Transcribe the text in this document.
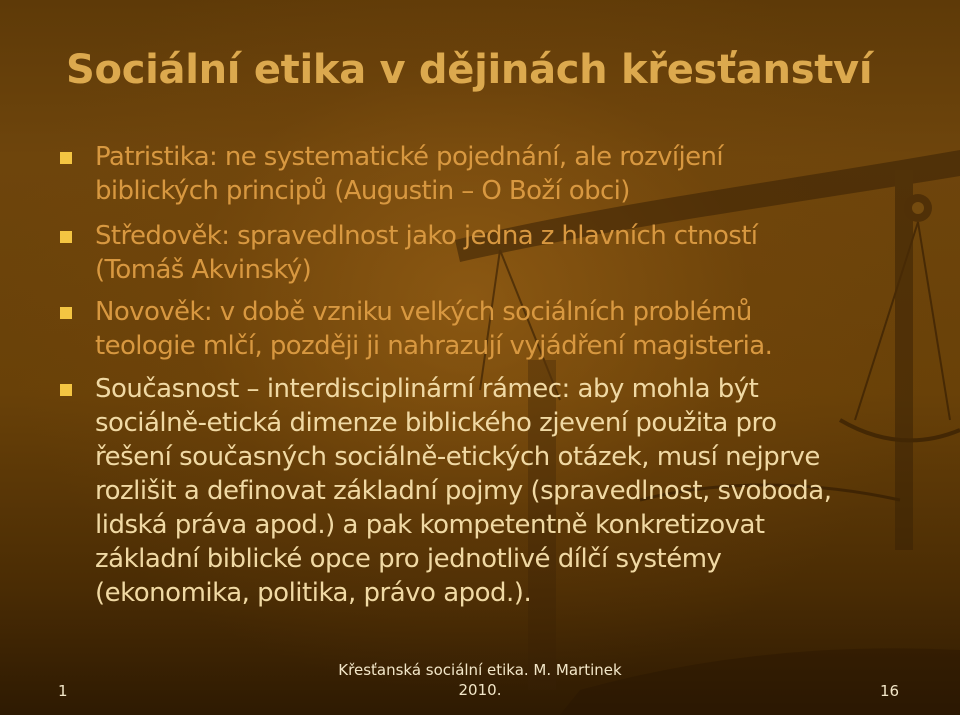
Sociální etika v dějinách křesťanství
Patristika: ne systematické pojednání, ale rozvíjení
biblických principů (Augustin – O Boží obci)
Středověk: spravedlnost jako jedna z hlavních ctností
(Tomáš Akvinský)
Novověk: v době vzniku velkých sociálních problémů
teologie mlčí, později ji nahrazují vyjádření magisteria.
Současnost – interdisciplinární rámec: aby mohla být
sociálně-etická dimenze biblického zjevení použita pro
řešení současných sociálně-etických otázek, musí nejprve
rozlišit a definovat základní pojmy (spravedlnost, svoboda,
lidská práva apod.) a pak kompetentně konkretizovat
základní biblické opce pro jednotlivé dílčí systémy
(ekonomika, politika, právo apod.).
1
Křesťanská sociální etika. M. Martinek
2010.	16
